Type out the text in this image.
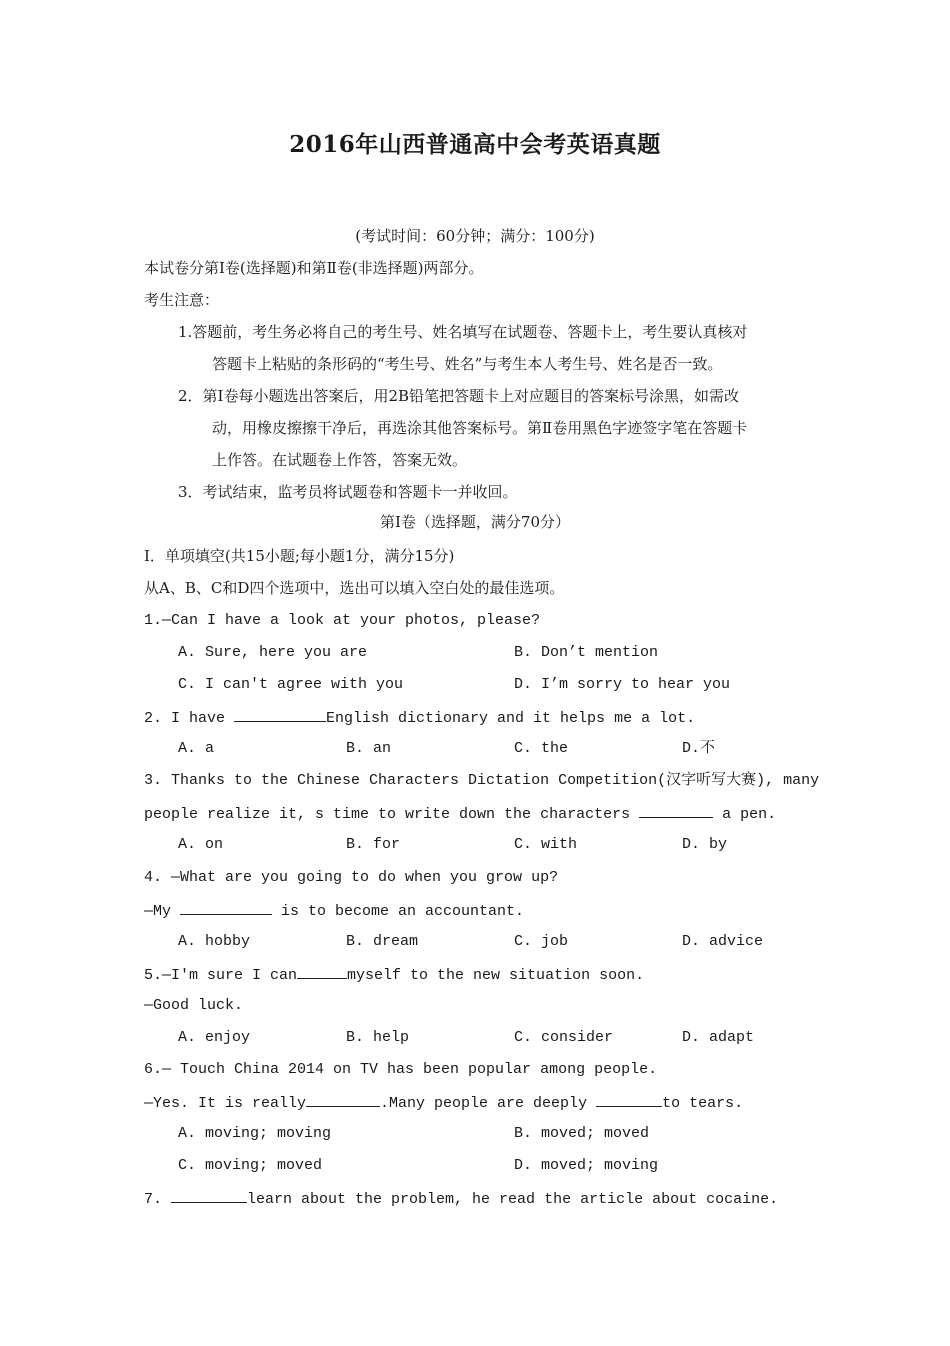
2016年山西普通高中会考英语真题
(考试时间：60分钟；满分：100分)
本试卷分第Ⅰ卷(选择题)和第Ⅱ卷(非选择题)两部分。
考生注意：
1.答题前，考生务必将自己的考生号、姓名填写在试题卷、答题卡上，考生要认真核对
答题卡上粘贴的条形码的“考生号、姓名”与考生本人考生号、姓名是否一致。
2．第Ⅰ卷每小题选出答案后，用2B铅笔把答题卡上对应题目的答案标号涂黑，如需改
动，用橡皮擦擦干净后，再选涂其他答案标号。第Ⅱ卷用黑色字迹签字笔在答题卡
上作答。在试题卷上作答，答案无效。
3．考试结束，监考员将试题卷和答题卡一并收回。
第Ⅰ卷（选择题，满分70分）
I．单项填空(共15小题;每小题1分，满分15分)
从A、B、C和D四个选项中，选出可以填入空白处的最佳选项。
1.—Can I have a look at your photos, please?
A. Sure, here you are	B. Don’t mention
C. I can't agree with you	D. I’m sorry to hear you
2. I have	English dictionary and it helps me a lot.
A. a	B. an	C. the	D.不
3. Thanks to the Chinese Characters Dictation Competition(汉字听写大赛), many
people realize it, s time to write down the characters	a pen.
A. on	B. for	C. with	D. by
4. —What are you going to do when you grow up?
—My	is to become an accountant.
A. hobby	B. dream	C. job	D. advice
5.—I'm sure I can	myself to the new situation soon.
—Good luck.
A. enjoy	B. help	C. consider	D. adapt
6.— Touch China 2014 on TV has been popular among people.
—Yes. It is really	.Many people are deeply	to tears.
A. moving; moving	B. moved; moved
C. moving; moved	D. moved; moving
7.	learn about the problem, he read the article about cocaine.
